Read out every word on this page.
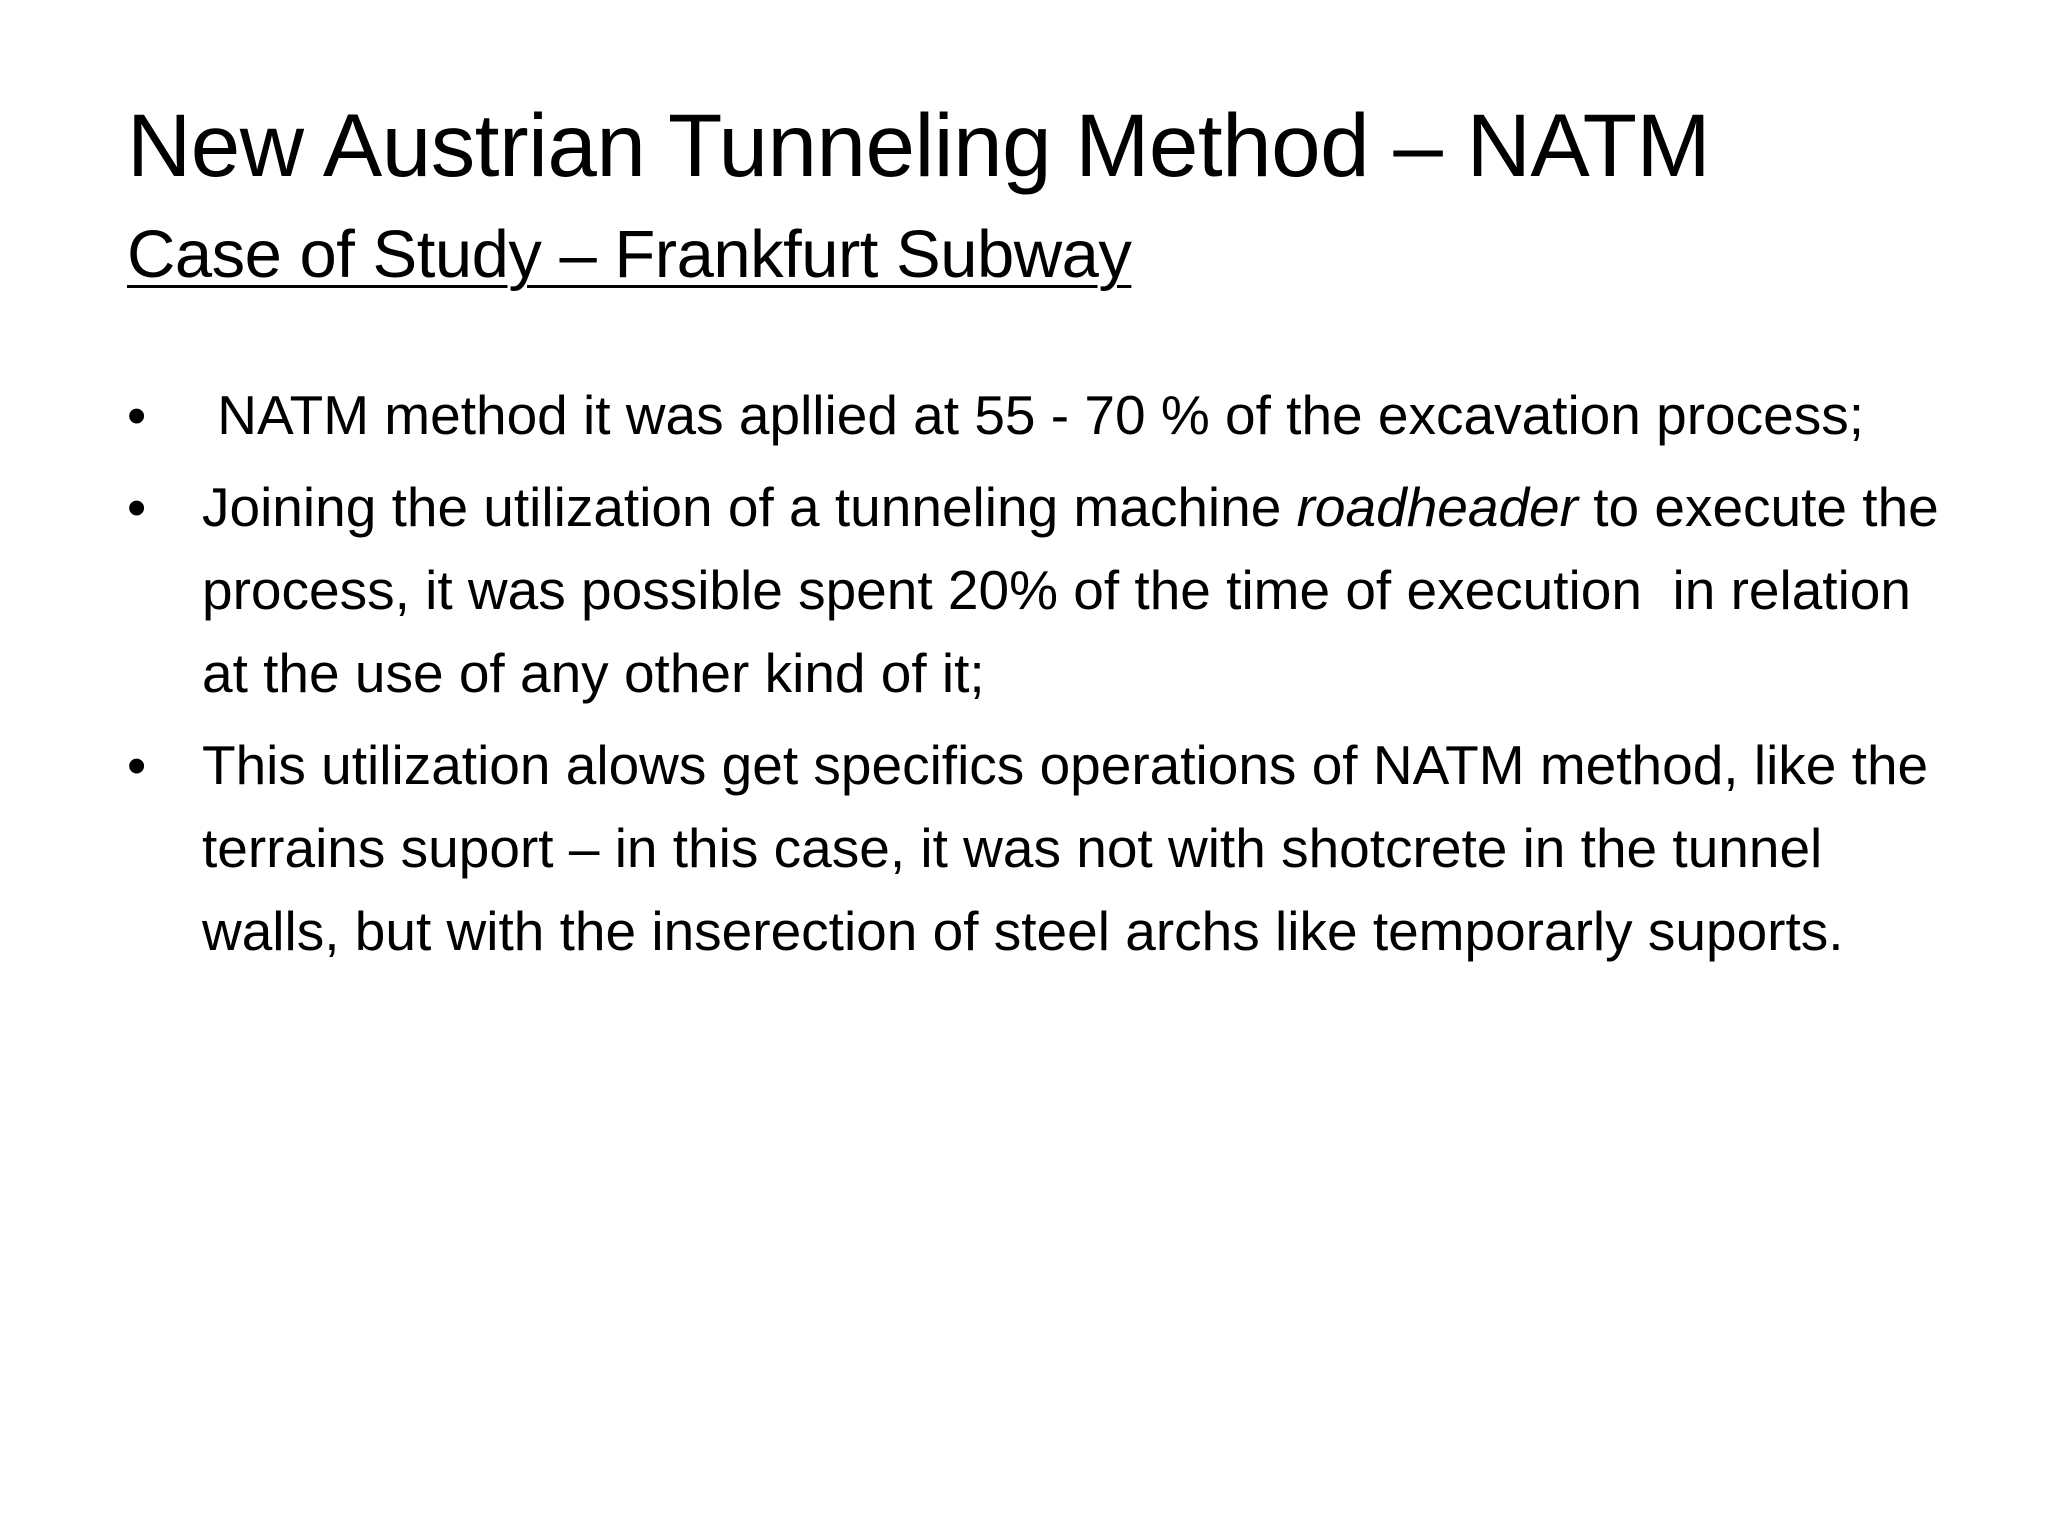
New Austrian Tunneling Method – NATM
Case of Study – Frankfurt Subway
• NATM method it was apllied at 55 - 70 % of the excavation process;
• Joining the utilization of a tunneling machine roadheader to execute the process, it was possible spent 20% of the time of execution  in relation at the use of any other kind of it;
• This utilization alows get specifics operations of NATM method, like the terrains suport – in this case, it was not with shotcrete in the tunnel walls, but with the inserection of steel archs like temporarly suports.
